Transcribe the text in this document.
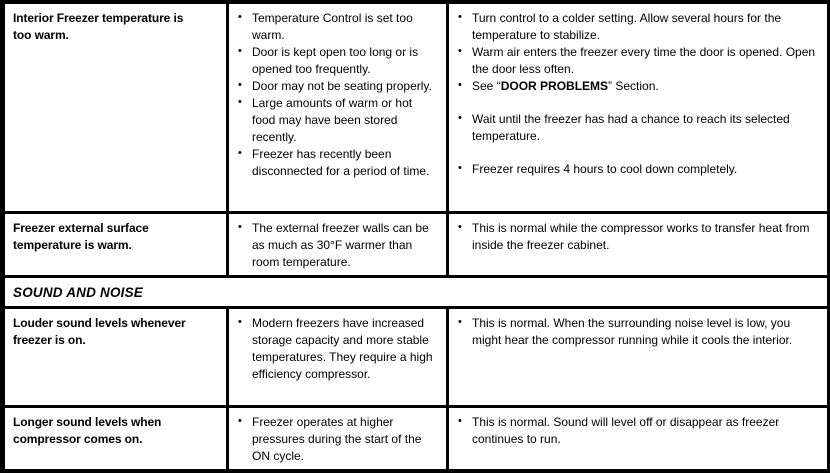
Interior Freezer temperature is
too warm.
• Temperature Control is set too warm.
• Door is kept open too long or is opened too frequently.
• Door may not be seating properly.
• Large amounts of warm or hot food may have been stored recently.
• Freezer has recently been disconnected for a period of time.
• Turn control to a colder setting. Allow several hours for the temperature to stabilize.
• Warm air enters the freezer every time the door is opened. Open the door less often.
• See “DOOR PROBLEMS” Section.
• Wait until the freezer has had a chance to reach its selected temperature.
• Freezer requires 4 hours to cool down completely.
Freezer external surface
temperature is warm.
• The external freezer walls can be as much as 30°F warmer than room temperature.
• This is normal while the compressor works to transfer heat from inside the freezer cabinet.
SOUND AND NOISE
Louder sound levels whenever
freezer is on.
• Modern freezers have increased storage capacity and more stable temperatures. They require a high efficiency compressor.
• This is normal. When the surrounding noise level is low, you might hear the compressor running while it cools the interior.
Longer sound levels when
compressor comes on.
• Freezer operates at higher pressures during the start of the ON cycle.
• This is normal. Sound will level off or disappear as freezer continues to run.
